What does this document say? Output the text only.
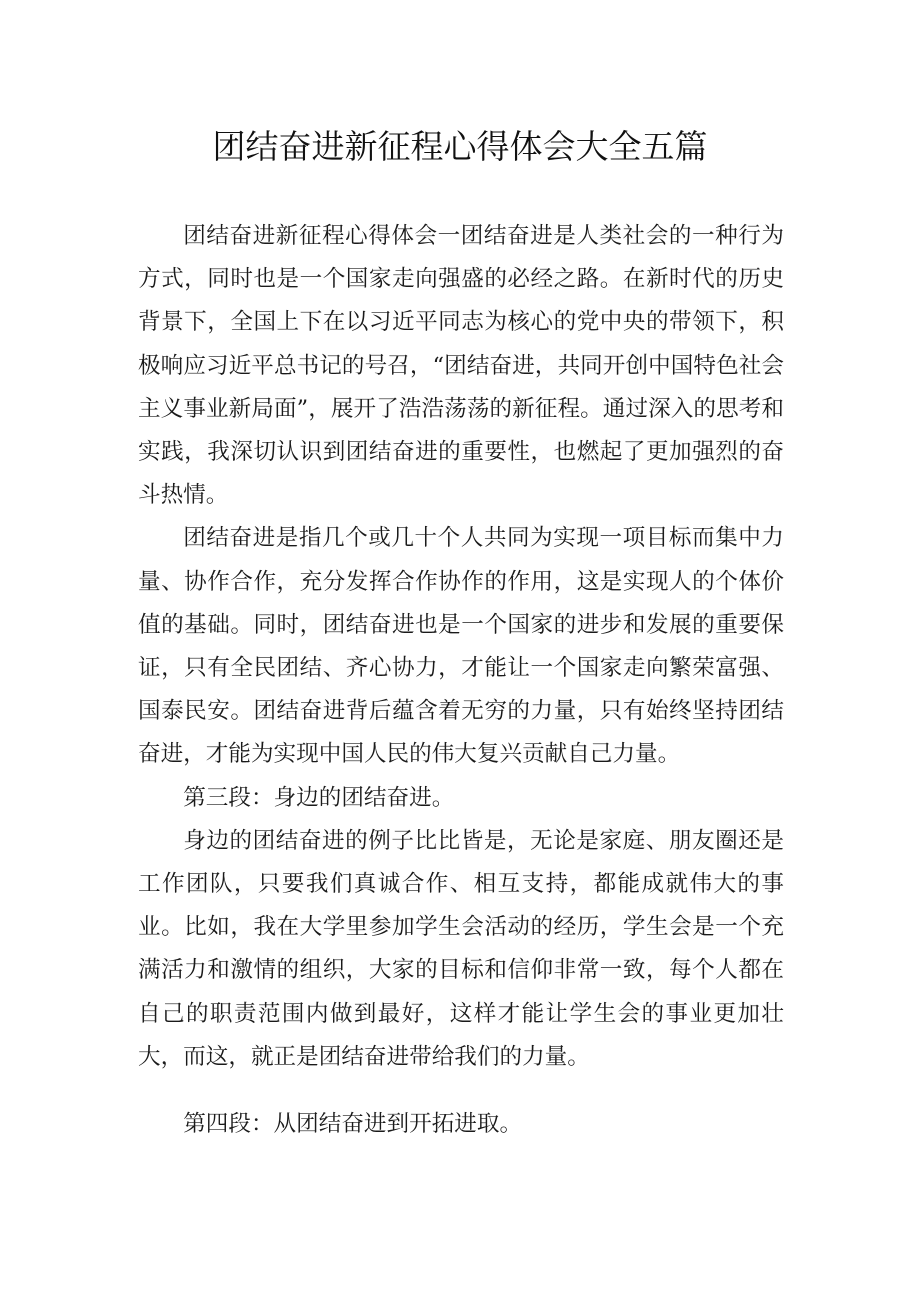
团结奋进新征程心得体会大全五篇

团结奋进新征程心得体会一团结奋进是人类社会的一种行为方式，同时也是一个国家走向强盛的必经之路。在新时代的历史背景下，全国上下在以习近平同志为核心的党中央的带领下，积极响应习近平总书记的号召，“团结奋进，共同开创中国特色社会主义事业新局面”，展开了浩浩荡荡的新征程。通过深入的思考和实践，我深切认识到团结奋进的重要性，也燃起了更加强烈的奋斗热情。

团结奋进是指几个或几十个人共同为实现一项目标而集中力量、协作合作，充分发挥合作协作的作用，这是实现人的个体价值的基础。同时，团结奋进也是一个国家的进步和发展的重要保证，只有全民团结、齐心协力，才能让一个国家走向繁荣富强、国泰民安。团结奋进背后蕴含着无穷的力量，只有始终坚持团结奋进，才能为实现中国人民的伟大复兴贡献自己力量。

第三段：身边的团结奋进。

身边的团结奋进的例子比比皆是，无论是家庭、朋友圈还是工作团队，只要我们真诚合作、相互支持，都能成就伟大的事业。比如，我在大学里参加学生会活动的经历，学生会是一个充满活力和激情的组织，大家的目标和信仰非常一致，每个人都在自己的职责范围内做到最好，这样才能让学生会的事业更加壮大，而这，就正是团结奋进带给我们的力量。

第四段：从团结奋进到开拓进取。
